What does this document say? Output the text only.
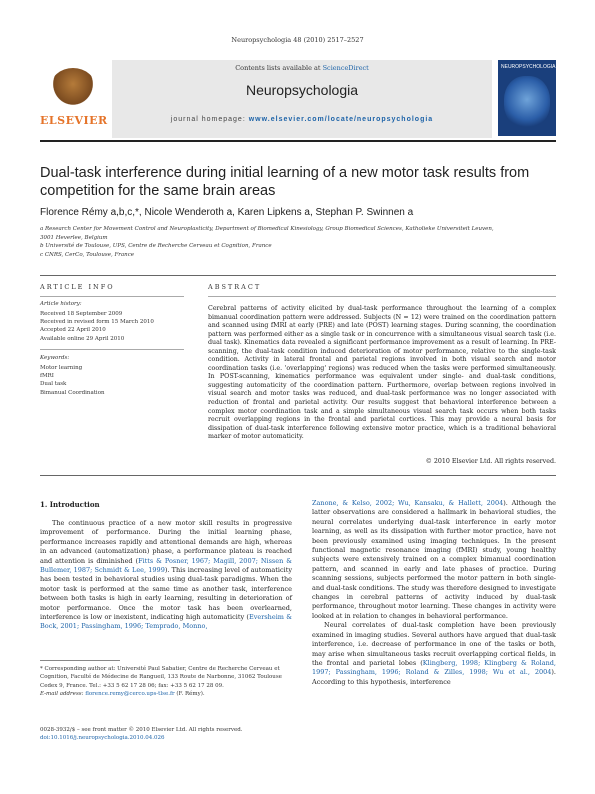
Neuropsychologia 48 (2010) 2517–2527
ELSEVIER
Contents lists available at ScienceDirect
Neuropsychologia
journal homepage: www.elsevier.com/locate/neuropsychologia
NEUROPSYCHOLOGIA
Dual-task interference during initial learning of a new motor task results from competition for the same brain areas
Florence Rémy a,b,c,*, Nicole Wenderoth a, Karen Lipkens a, Stephan P. Swinnen a
a Research Center for Movement Control and Neuroplasticity, Department of Biomedical Kinesiology, Group Biomedical Sciences, Katholieke Universiteit Leuven,
3001 Heverlee, Belgium
b Université de Toulouse, UPS, Centre de Recherche Cerveau et Cognition, France
c CNRS, CerCo, Toulouse, France
ARTICLE INFO
Article history:
Received 18 September 2009
Received in revised form 15 March 2010
Accepted 22 April 2010
Available online 29 April 2010
Keywords:
Motor learning
fMRI
Dual task
Bimanual Coordination
ABSTRACT
Cerebral patterns of activity elicited by dual-task performance throughout the learning of a complex bimanual coordination pattern were addressed. Subjects (N = 12) were trained on the coordination pattern and scanned using fMRI at early (PRE) and late (POST) learning stages. During scanning, the coordination pattern was performed either as a single task or in concurrence with a simultaneous visual search task (i.e. dual task). Kinematics data revealed a significant performance improvement as a result of learning. In PRE-scanning, the dual-task condition induced deterioration of motor performance, relative to the single-task condition. Activity in lateral frontal and parietal regions involved in both visual search and motor coordination tasks (i.e. 'overlapping' regions) was reduced when the tasks were performed simultaneously. In POST-scanning, kinematics performance was equivalent under single- and dual-task conditions, suggesting automaticity of the coordination pattern. Furthermore, overlap between regions involved in visual search and motor tasks was reduced, and dual-task performance was no longer associated with reduction of frontal and parietal activity. Our results suggest that behavioral interference between a complex motor coordination task and a simple simultaneous visual search task occurs when both tasks recruit overlapping regions in the frontal and parietal cortices. This may provide a neural basis for dissipation of dual-task interference following extensive motor practice, which is a traditional behavioral marker of motor automaticity.
© 2010 Elsevier Ltd. All rights reserved.
1. Introduction

The continuous practice of a new motor skill results in progressive improvement of performance. During the initial learning phase, performance increases rapidly and attentional demands are high, whereas in an advanced (automatization) phase, a performance plateau is reached and attention is diminished (Fitts & Posner, 1967; Magill, 2007; Nissen & Bullemer, 1987; Schmidt & Lee, 1999). This increasing level of automaticity has been tested in behavioral studies using dual-task paradigms. When the motor task is performed at the same time as another task, interference between both tasks is high in early learning, resulting in deterioration of motor performance. Once the motor task has been overlearned, interference is low or inexistent, indicating high automaticity (Eversheim & Bock, 2001; Passingham, 1996; Temprado, Monno,

Zanone, & Kelso, 2002; Wu, Kansaku, & Hallett, 2004). Although the latter observations are considered a hallmark in behavioral studies, the neural correlates underlying dual-task interference in early motor learning, as well as its dissipation with further motor practice, have not been previously examined using imaging techniques. In the present functional magnetic resonance imaging (fMRI) study, young healthy subjects were extensively trained on a complex bimanual coordination pattern, and scanned in early and late phases of practice. During scanning sessions, subjects performed the motor pattern in both single- and dual-task conditions. The study was therefore designed to investigate changes in cerebral patterns of activity induced by dual-task performance, throughout motor learning. These changes in activity were looked at in relation to changes in behavioral performance.

Neural correlates of dual-task completion have been previously examined in imaging studies. Several authors have argued that dual-task interference, i.e. decrease of performance in one of the tasks or both, may arise when simultaneous tasks recruit overlapping cortical fields, in the frontal and parietal lobes (Klingberg, 1998; Klingberg & Roland, 1997; Passingham, 1996; Roland & Zilles, 1998; Wu et al., 2004). According to this hypothesis, interference

* Corresponding author at: Université Paul Sabatier, Centre de Recherche Cerveau et Cognition, Faculté de Médecine de Rangueil, 133 Route de Narbonne, 31062 Toulouse Cedex 9, France. Tel.: +33 5 62 17 28 06; fax: +33 5 62 17 28 09.
E-mail address: florence.remy@cerco.ups-tlse.fr (F. Rémy).
0028-3932/$ – see front matter © 2010 Elsevier Ltd. All rights reserved.
doi:10.1016/j.neuropsychologia.2010.04.026
